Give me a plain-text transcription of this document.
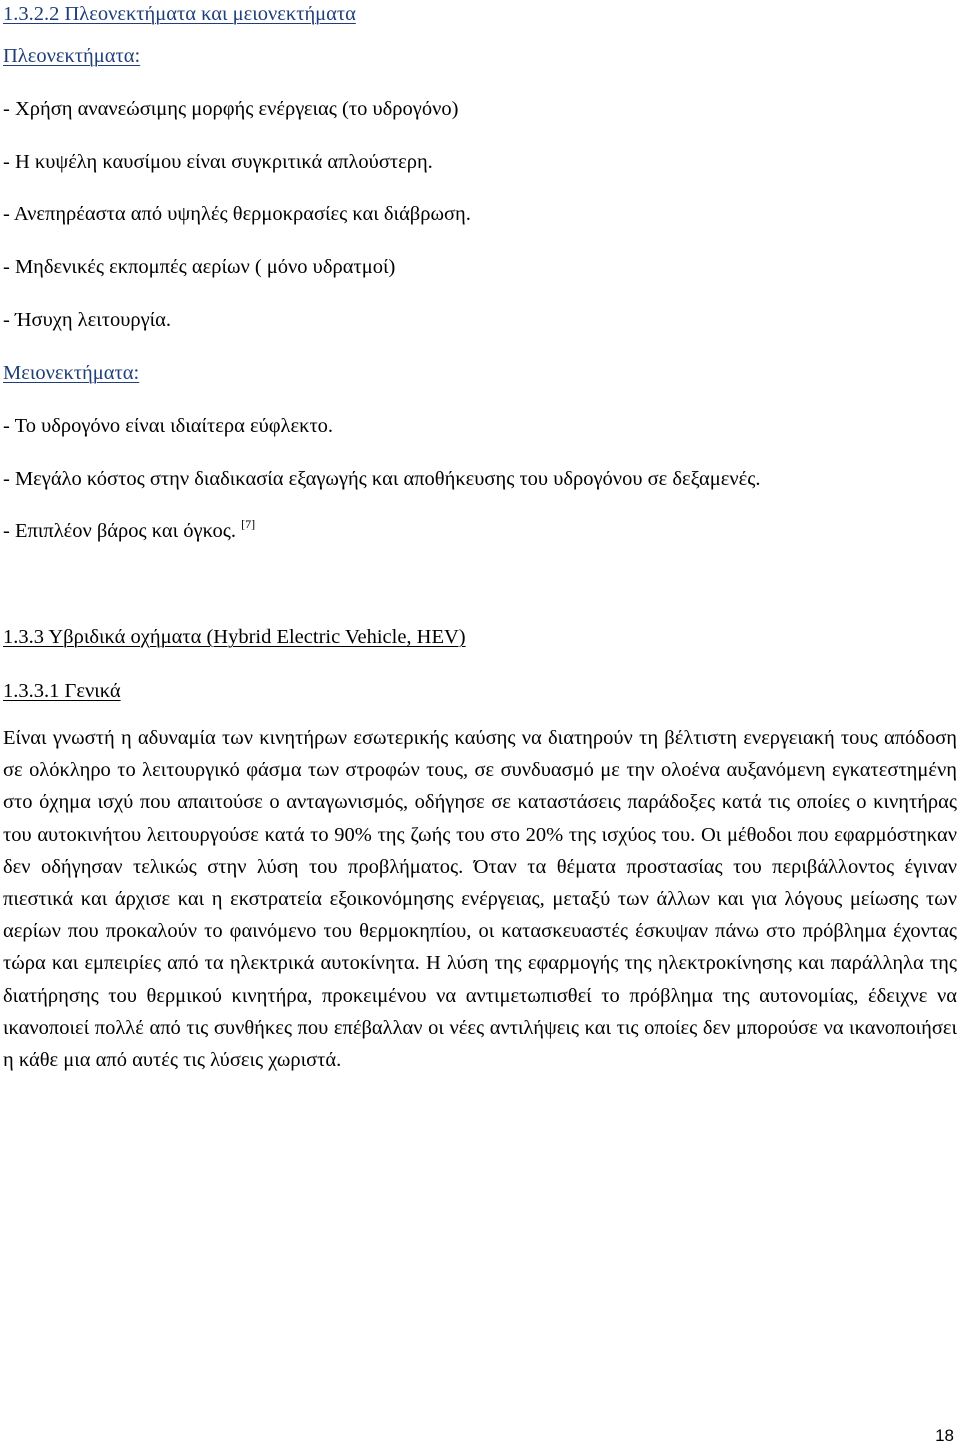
1.3.2.2 Πλεονεκτήματα και μειονεκτήματα
Πλεονεκτήματα:
- Χρήση ανανεώσιμης μορφής ενέργειας (το υδρογόνο)
- Η κυψέλη καυσίμου είναι συγκριτικά απλούστερη.
- Ανεπηρέαστα από υψηλές θερμοκρασίες και διάβρωση.
- Μηδενικές εκπομπές αερίων ( μόνο υδρατμοί)
- Ήσυχη λειτουργία.
Μειονεκτήματα:
- Το υδρογόνο είναι ιδιαίτερα εύφλεκτο.
- Μεγάλο κόστος στην διαδικασία εξαγωγής και αποθήκευσης του υδρογόνου σε δεξαμενές.
- Επιπλέον βάρος και όγκος. [7]
1.3.3 Υβριδικά οχήματα (Hybrid Electric Vehicle, HEV)
1.3.3.1 Γενικά

Είναι γνωστή η αδυναμία των κινητήρων εσωτερικής καύσης να διατηρούν τη βέλτιστη ενεργειακή τους απόδοση σε ολόκληρο το λειτουργικό φάσμα των στροφών τους, σε συνδυασμό με την ολοένα αυξανόμενη εγκατεστημένη στο όχημα ισχύ που απαιτούσε ο ανταγωνισμός, οδήγησε σε καταστάσεις παράδοξες κατά τις οποίες ο κινητήρας του αυτοκινήτου λειτουργούσε κατά το 90% της ζωής του στο 20% της ισχύος του. Οι μέθοδοι που εφαρμόστηκαν δεν οδήγησαν τελικώς στην λύση του προβλήματος. Όταν τα θέματα προστασίας του περιβάλλοντος έγιναν πιεστικά και άρχισε και η εκστρατεία εξοικονόμησης ενέργειας, μεταξύ των άλλων και για λόγους μείωσης των αερίων που προκαλούν το φαινόμενο του θερμοκηπίου, οι κατασκευαστές έσκυψαν πάνω στο πρόβλημα έχοντας τώρα και εμπειρίες από τα ηλεκτρικά αυτοκίνητα. Η λύση της εφαρμογής της ηλεκτροκίνησης και παράλληλα της διατήρησης του θερμικού κινητήρα, προκειμένου να αντιμετωπισθεί το πρόβλημα της αυτονομίας, έδειχνε να ικανοποιεί πολλέ από τις συνθήκες που επέβαλλαν οι νέες αντιλήψεις και τις οποίες δεν μπορούσε να ικανοποιήσει η κάθε μια από αυτές τις λύσεις χωριστά.

18
